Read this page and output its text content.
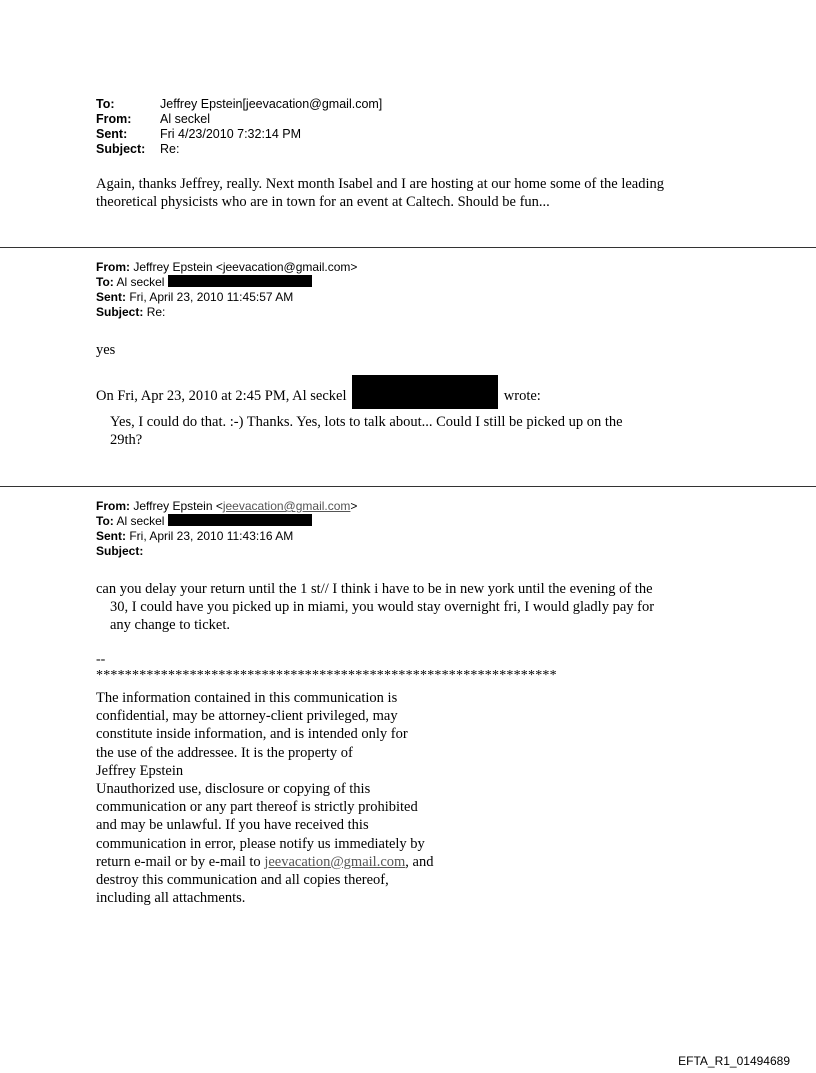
To:	Jeffrey Epstein[jeevacation@gmail.com]
From:	Al seckel
Sent:	Fri 4/23/2010 7:32:14 PM
Subject:	Re:
Again, thanks Jeffrey, really. Next month Isabel and I are hosting at our home some of the leading
theoretical physicists who are in town for an event at Caltech. Should be fun...
From: Jeffrey Epstein <jeevacation@gmail.com>
To: Al seckel
Sent: Fri, April 23, 2010 11:45:57 AM
Subject: Re:
yes
On Fri, Apr 23, 2010 at 2:45 PM, Al seckel	wrote:
Yes, I could do that. :-) Thanks. Yes, lots to talk about... Could I still be picked up on the
29th?
From: Jeffrey Epstein <jeevacation@gmail.com>
To: Al seckel
Sent: Fri, April 23, 2010 11:43:16 AM
Subject:
can you delay your return until the 1 st// I think i have to be in new york until the evening of the
30, I could have you picked up in miami, you would stay overnight fri, I would gladly pay for
any change to ticket.
--
****************************************************************
The information contained in this communication is
confidential, may be attorney-client privileged, may
constitute inside information, and is intended only for
the use of the addressee. It is the property of
Jeffrey Epstein
Unauthorized use, disclosure or copying of this
communication or any part thereof is strictly prohibited
and may be unlawful. If you have received this
communication in error, please notify us immediately by
return e-mail or by e-mail to jeevacation@gmail.com, and
destroy this communication and all copies thereof,
including all attachments.
EFTA_R1_01494689
